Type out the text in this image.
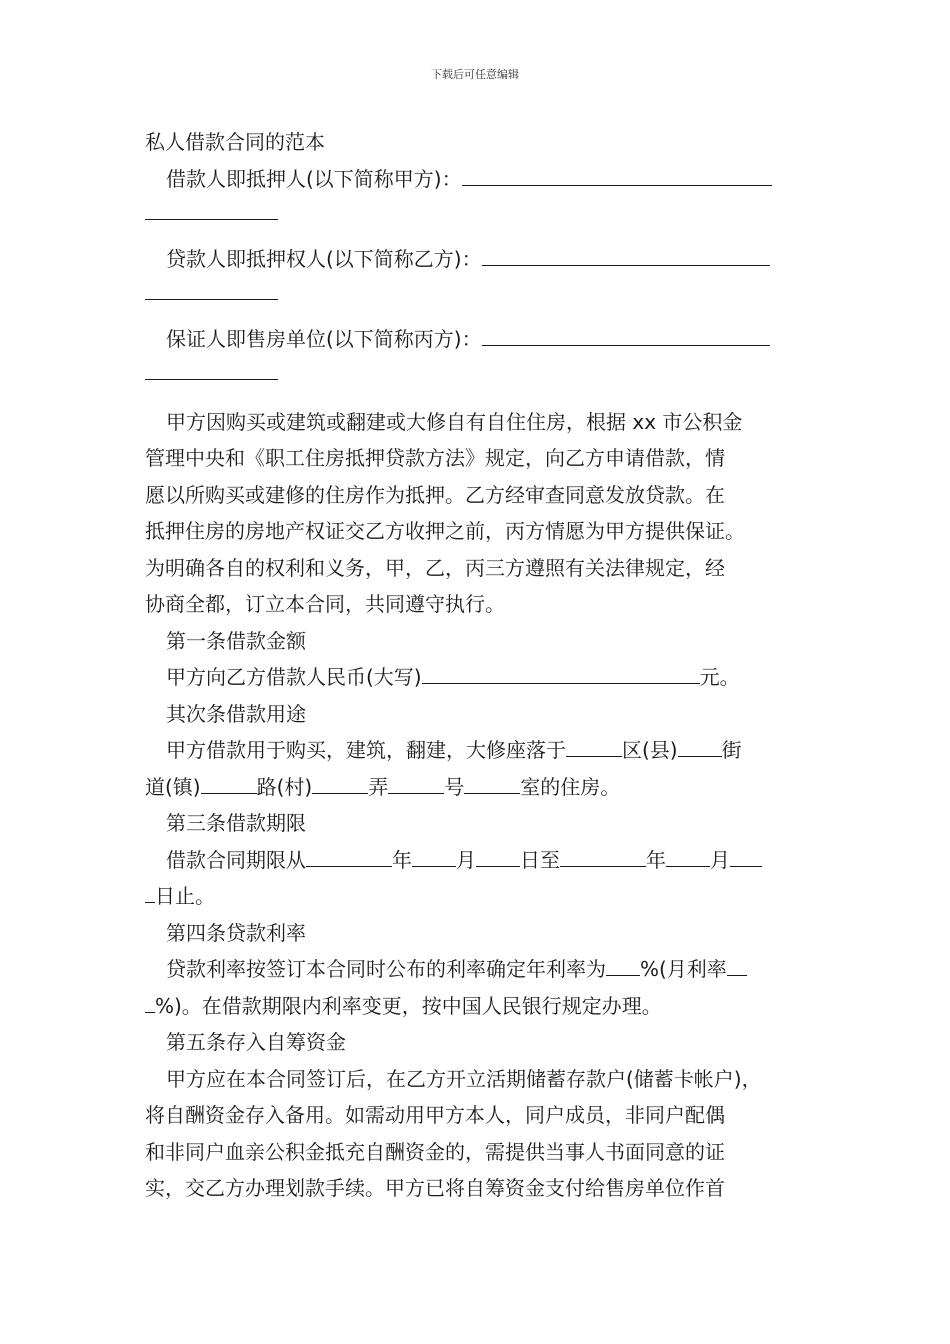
下载后可任意编辑
私人借款合同的范本
借款人即抵押人(以下简称甲方)：
贷款人即抵押权人(以下简称乙方)：
保证人即售房单位(以下简称丙方)：
甲方因购买或建筑或翻建或大修自有自住住房，根据 xx 市公积金
管理中央和《职工住房抵押贷款方法》规定，向乙方申请借款，情
愿以所购买或建修的住房作为抵押。乙方经审查同意发放贷款。在
抵押住房的房地产权证交乙方收押之前，丙方情愿为甲方提供保证。
为明确各自的权利和义务，甲，乙，丙三方遵照有关法律规定，经
协商全都，订立本合同，共同遵守执行。
第一条借款金额
甲方向乙方借款人民币(大写)	元。
其次条借款用途
甲方借款用于购买，建筑，翻建，大修座落于	区(县) 街
道(镇)	路(村)	弄	号	室的住房。
第三条借款期限
借款合同期限从	年 月 日至	年 月
日止。
第四条贷款利率
贷款利率按签订本合同时公布的利率确定年利率为 %(月利率
%)。在借款期限内利率变更，按中国人民银行规定办理。
第五条存入自筹资金
甲方应在本合同签订后，在乙方开立活期储蓄存款户(储蓄卡帐户)，
将自酬资金存入备用。如需动用甲方本人，同户成员，非同户配偶
和非同户血亲公积金抵充自酬资金的，需提供当事人书面同意的证
实，交乙方办理划款手续。甲方已将自筹资金支付给售房单位作首
